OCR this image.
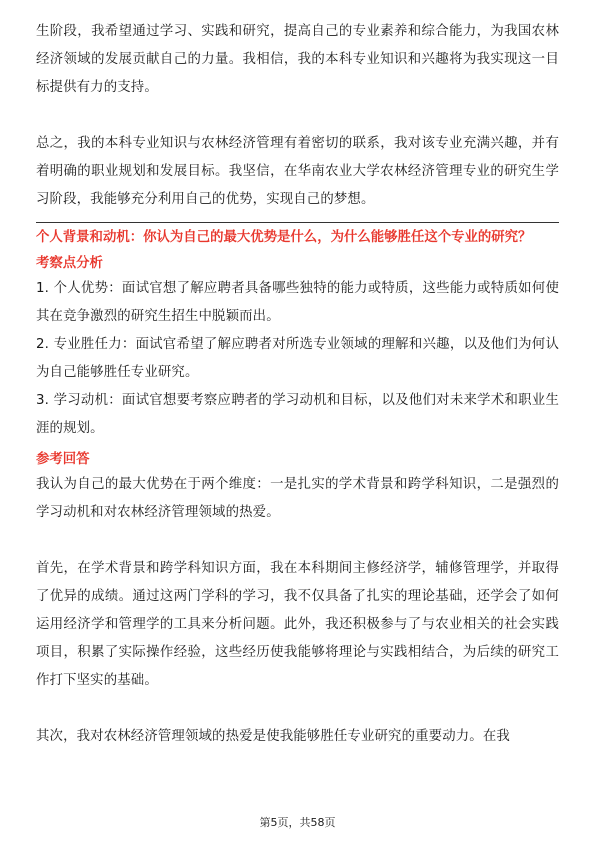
生阶段，我希望通过学习、实践和研究，提高自己的专业素养和综合能力，为我国农林经济领域的发展贡献自己的力量。我相信，我的本科专业知识和兴趣将为我实现这一目标提供有力的支持。

总之，我的本科专业知识与农林经济管理有着密切的联系，我对该专业充满兴趣，并有着明确的职业规划和发展目标。我坚信，在华南农业大学农林经济管理专业的研究生学习阶段，我能够充分利用自己的优势，实现自己的梦想。

个人背景和动机：你认为自己的最大优势是什么，为什么能够胜任这个专业的研究？
考察点分析

1. 个人优势：面试官想了解应聘者具备哪些独特的能力或特质，这些能力或特质如何使其在竞争激烈的研究生招生中脱颖而出。

2. 专业胜任力：面试官希望了解应聘者对所选专业领域的理解和兴趣，以及他们为何认为自己能够胜任专业研究。

3. 学习动机：面试官想要考察应聘者的学习动机和目标，以及他们对未来学术和职业生涯的规划。

参考回答

我认为自己的最大优势在于两个维度：一是扎实的学术背景和跨学科知识，二是强烈的学习动机和对农林经济管理领域的热爱。

首先，在学术背景和跨学科知识方面，我在本科期间主修经济学，辅修管理学，并取得了优异的成绩。通过这两门学科的学习，我不仅具备了扎实的理论基础，还学会了如何运用经济学和管理学的工具来分析问题。此外，我还积极参与了与农业相关的社会实践项目，积累了实际操作经验，这些经历使我能够将理论与实践相结合，为后续的研究工作打下坚实的基础。

其次，我对农林经济管理领域的热爱是使我能够胜任专业研究的重要动力。在我

第5页，共58页
